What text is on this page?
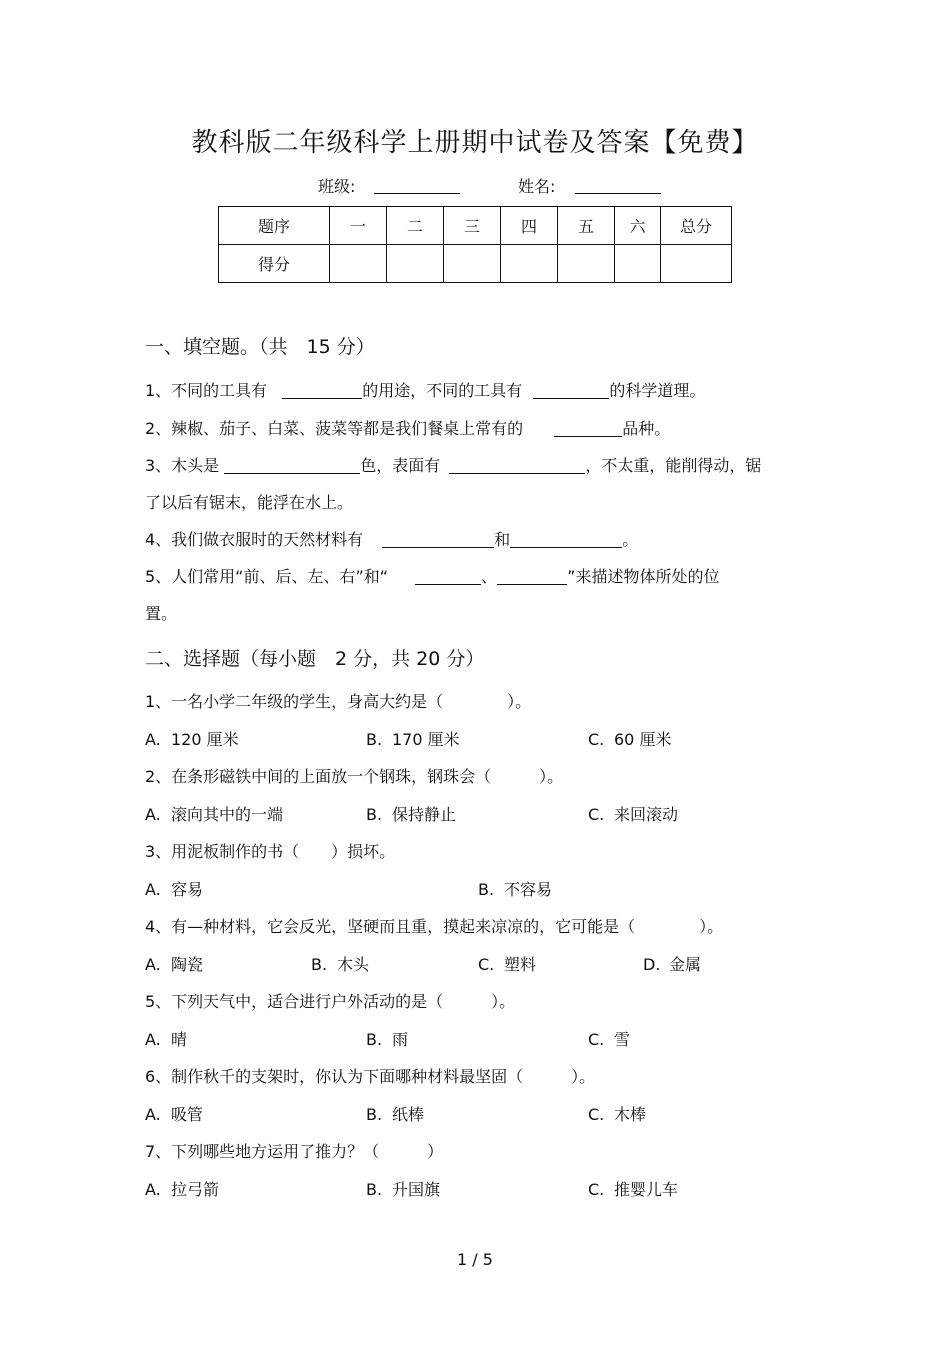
教科版二年级科学上册期中试卷及答案【免费】
班级:	姓名:
题序	一	二	三	四	五	六	总分
得分							
一、填空题。（共　15 分）
1、不同的工具有	的用途，不同的工具有	的科学道理。
2、辣椒、茄子、白菜、菠菜等都是我们餐桌上常有的	品种。
3、木头是	色，表面有	，不太重，能削得动，锯
了以后有锯末，能浮在水上。
4、我们做衣服时的天然材料有	和	。
5、人们常用“前、后、左、右”和“	、	”来描述物体所处的位
置。
二、选择题（每小题　2 分，共 20 分）
1、一名小学二年级的学生，身高大约是（　　　　）。
A. 120 厘米	B. 170 厘米	C. 60 厘米
2、在条形磁铁中间的上面放一个钢珠，钢珠会（　　　）。
A. 滚向其中的一端	B. 保持静止	C. 来回滚动
3、用泥板制作的书（　　）损坏。
A. 容易	B. 不容易
4、有—种材料，它会反光，坚硬而且重，摸起来凉凉的，它可能是（　　　　）。
A. 陶瓷	B. 木头	C. 塑料	D. 金属
5、下列天气中，适合进行户外活动的是（　　　）。
A. 晴	B. 雨	C. 雪
6、制作秋千的支架时，你认为下面哪种材料最坚固（　　　）。
A. 吸管	B. 纸棒	C. 木棒
7、下列哪些地方运用了推力？（　　　）
A. 拉弓箭	B. 升国旗	C. 推婴儿车
1 / 5
